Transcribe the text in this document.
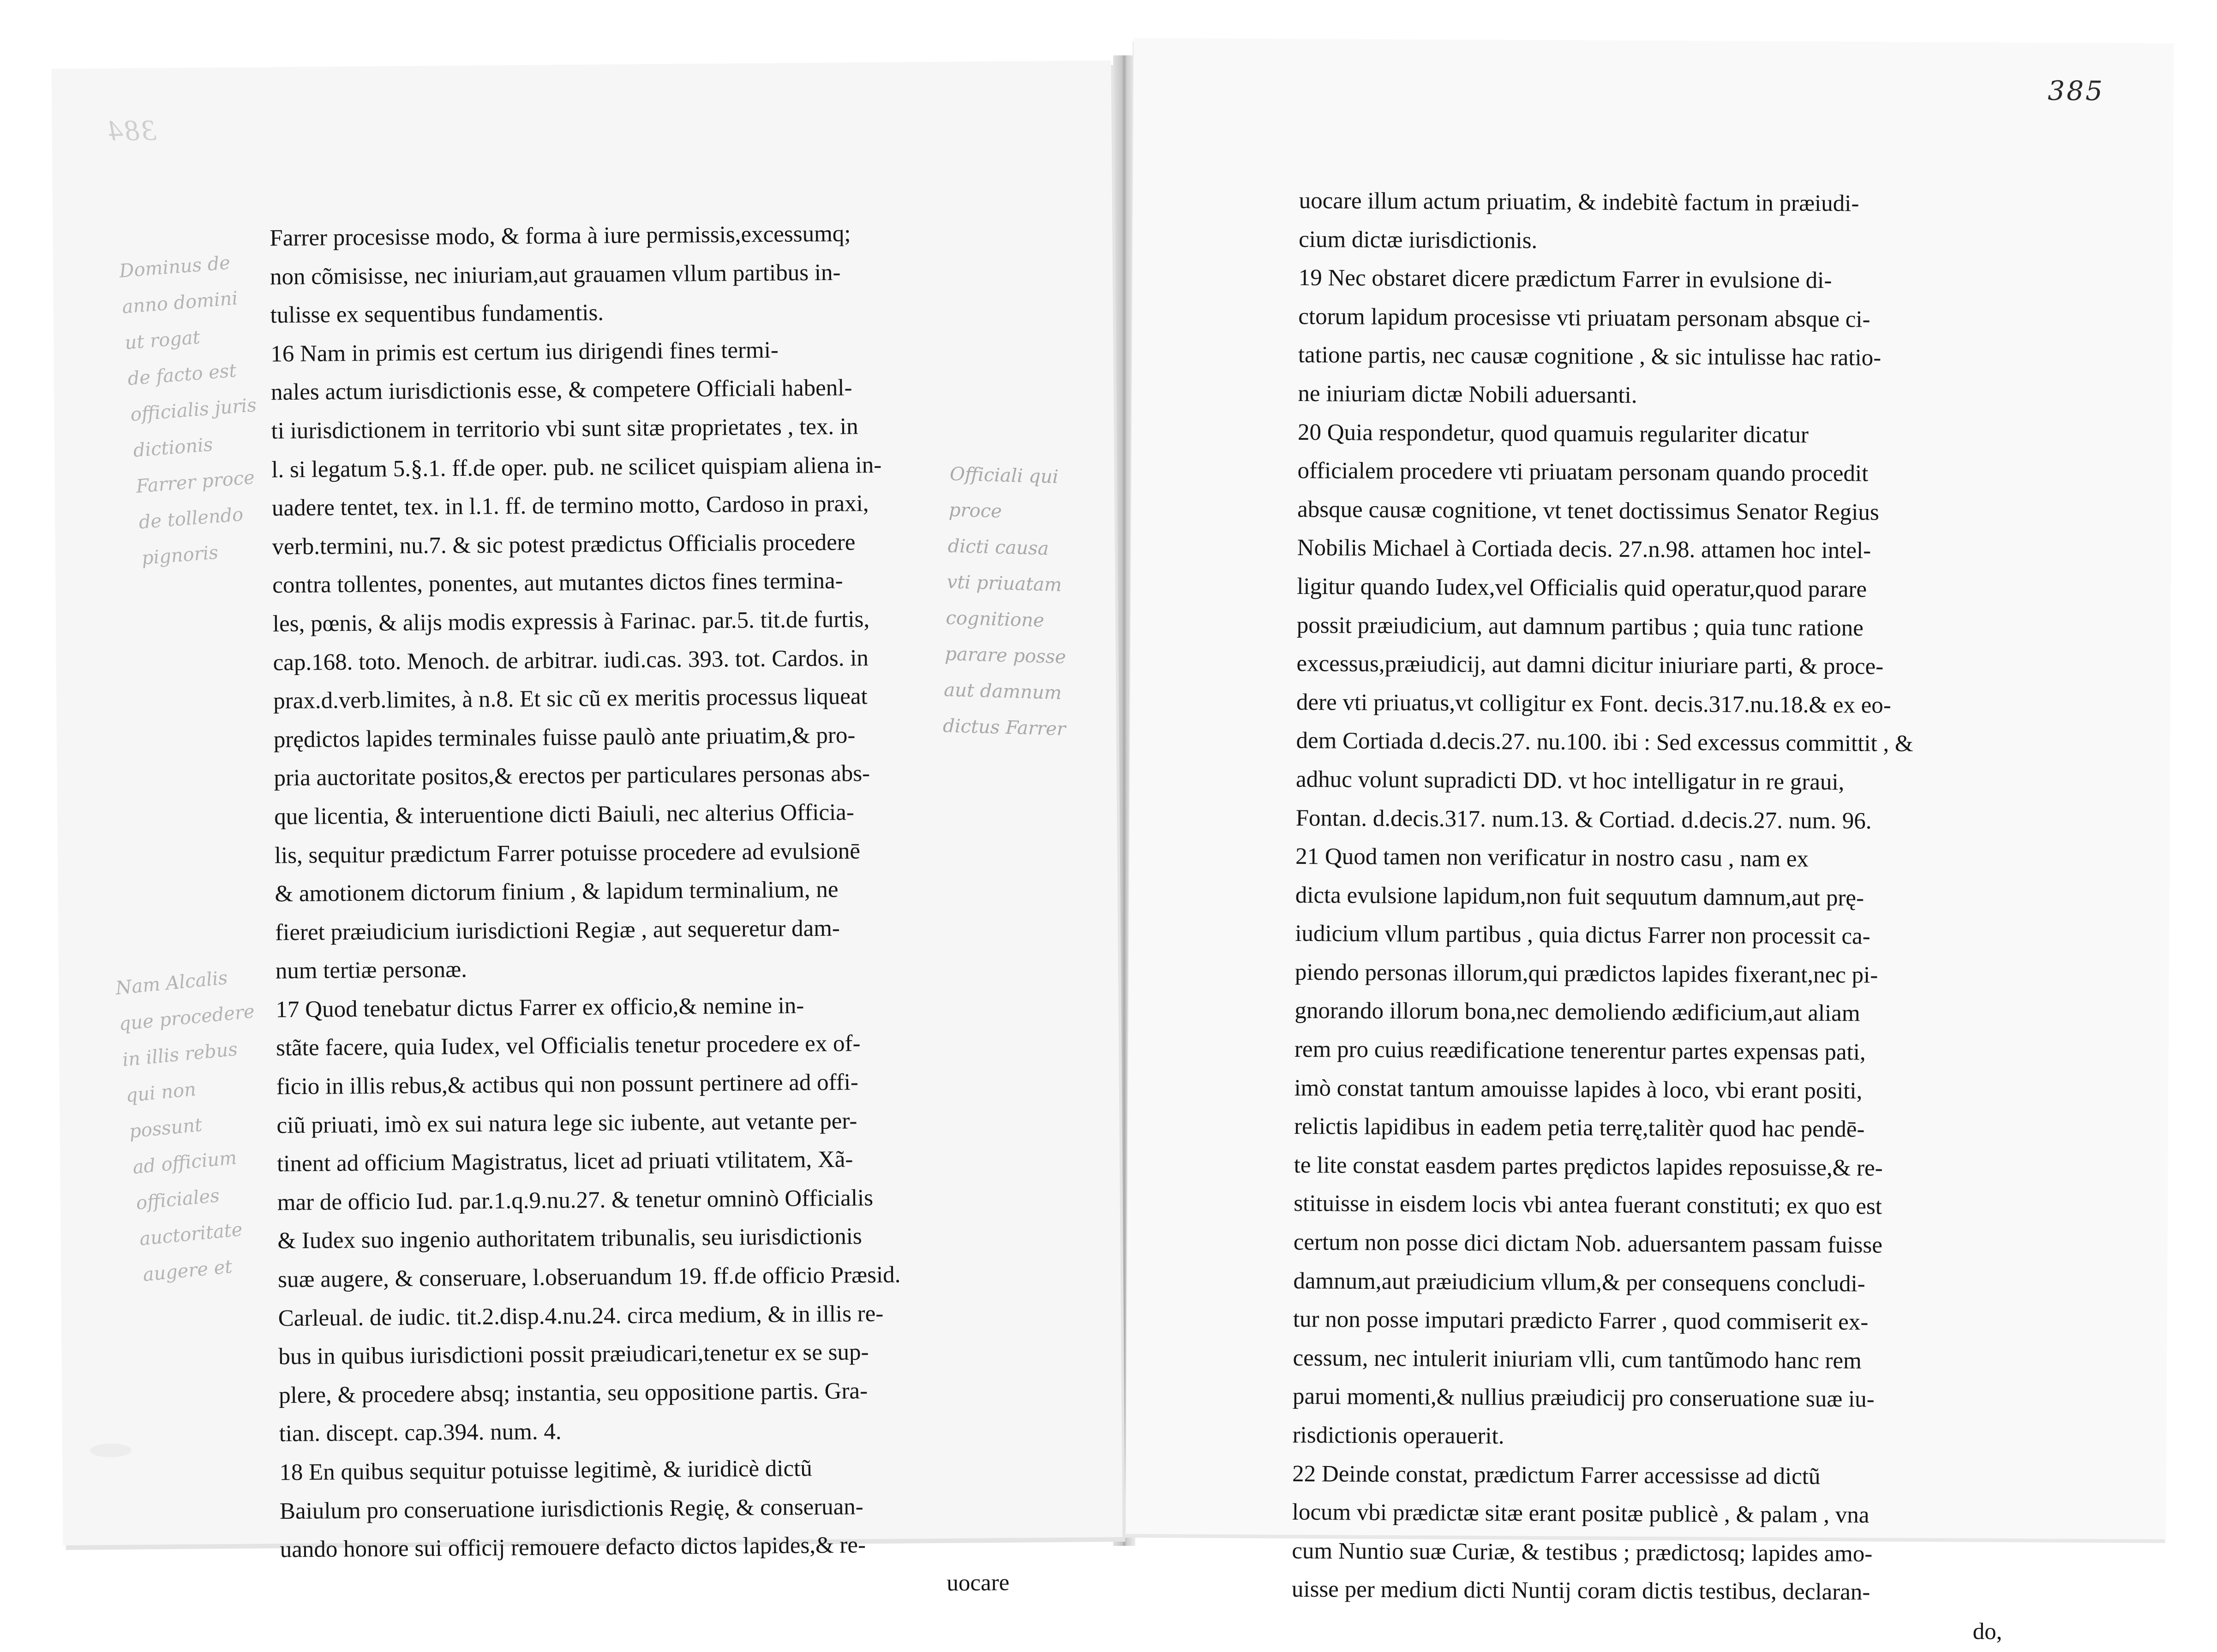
384
Dominus de
anno domini
ut rogat
de facto est
officialis juris
dictionis
Farrer proce
de tollendo
pignoris
Nam Alcalis
que procedere
in illis rebus
qui non possunt
ad officium
officiales
auctoritate
augere et

Farrer procesisse modo, & forma à iure permissis,excessumq;

non cõmisisse, nec iniuriam,aut grauamen vllum partibus in-

tulisse ex sequentibus fundamentis.

16 Nam in primis est certum ius dirigendi fines termi-

nales actum iurisdictionis esse, & competere Officiali habenl-

ti iurisdictionem in territorio vbi sunt sitæ proprietates , tex. in

l. si legatum 5.§.1. ff.de oper. pub. ne scilicet quispiam aliena in-

uadere tentet, tex. in l.1. ff. de termino motto, Cardoso in praxi,

verb.termini, nu.7. & sic potest prædictus Officialis procedere

contra tollentes, ponentes, aut mutantes dictos fines termina-

les, pœnis, & alijs modis expressis à Farinac. par.5. tit.de furtis,

cap.168. toto. Menoch. de arbitrar. iudi.cas. 393. tot. Cardos. in

prax.d.verb.limites, à n.8. Et sic cũ ex meritis processus liqueat

prędictos lapides terminales fuisse paulò ante priuatim,& pro-

pria auctoritate positos,& erectos per particulares personas abs-

que licentia, & interuentione dicti Baiuli, nec alterius Officia-

lis, sequitur prædictum Farrer potuisse procedere ad evulsionē

& amotionem dictorum finium , & lapidum terminalium, ne

fieret præiudicium iurisdictioni Regiæ , aut sequeretur dam-

num tertiæ personæ.

17 Quod tenebatur dictus Farrer ex officio,& nemine in-

stãte facere, quia Iudex, vel Officialis tenetur procedere ex of-

ficio in illis rebus,& actibus qui non possunt pertinere ad offi-

ciũ priuati, imò ex sui natura lege sic iubente, aut vetante per-

tinent ad officium Magistratus, licet ad priuati vtilitatem, Xã-

mar de officio Iud. par.1.q.9.nu.27. & tenetur omninò Officialis

& Iudex suo ingenio authoritatem tribunalis, seu iurisdictionis

suæ augere, & conseruare, l.obseruandum 19. ff.de officio Præsid.

Carleual. de iudic. tit.2.disp.4.nu.24. circa medium, & in illis re-

bus in quibus iurisdictioni possit præiudicari,tenetur ex se sup-

plere, & procedere absq; instantia, seu oppositione partis. Gra-

tian. discept. cap.394. num. 4.

18 En quibus sequitur potuisse legitimè, & iuridicè dictũ

Baiulum pro conseruatione iurisdictionis Regię, & conseruan-

uando honore sui officij remouere defacto dictos lapides,& re-

uocare

Officiali qui proce
dicti causa
vti priuatam
cognitione
parare posse
aut damnum
dictus Farrer
385

uocare illum actum priuatim, & indebitè factum in præiudi-

cium dictæ iurisdictionis.

19 Nec obstaret dicere prædictum Farrer in evulsione di-

ctorum lapidum procesisse vti priuatam personam absque ci-

tatione partis, nec causæ cognitione , & sic intulisse hac ratio-

ne iniuriam dictæ Nobili aduersanti.

20 Quia respondetur, quod quamuis regulariter dicatur

officialem procedere vti priuatam personam quando procedit

absque causæ cognitione, vt tenet doctissimus Senator Regius

Nobilis Michael à Cortiada decis. 27.n.98. attamen hoc intel-

ligitur quando Iudex,vel Officialis quid operatur,quod parare

possit præiudicium, aut damnum partibus ; quia tunc ratione

excessus,præiudicij, aut damni dicitur iniuriare parti, & proce-

dere vti priuatus,vt colligitur ex Font. decis.317.nu.18.& ex eo-

dem Cortiada d.decis.27. nu.100. ibi : Sed excessus committit , &

adhuc volunt supradicti DD. vt hoc intelligatur in re graui,

Fontan. d.decis.317. num.13. & Cortiad. d.decis.27. num. 96.

21 Quod tamen non verificatur in nostro casu , nam ex

dicta evulsione lapidum,non fuit sequutum damnum,aut prę-

iudicium vllum partibus , quia dictus Farrer non processit ca-

piendo personas illorum,qui prædictos lapides fixerant,nec pi-

gnorando illorum bona,nec demoliendo ædificium,aut aliam

rem pro cuius reædificatione tenerentur partes expensas pati,

imò constat tantum amouisse lapides à loco, vbi erant positi,

relictis lapidibus in eadem petia terrę,talitèr quod hac pendē-

te lite constat easdem partes prędictos lapides reposuisse,& re-

stituisse in eisdem locis vbi antea fuerant constituti; ex quo est

certum non posse dici dictam Nob. aduersantem passam fuisse

damnum,aut præiudicium vllum,& per consequens concludi-

tur non posse imputari prædicto Farrer , quod commiserit ex-

cessum, nec intulerit iniuriam vlli, cum tantũmodo hanc rem

parui momenti,& nullius præiudicij pro conseruatione suæ iu-

risdictionis operauerit.

22 Deinde constat, prædictum Farrer accessisse ad dictũ

locum vbi prædictæ sitæ erant positæ publicè , & palam , vna

cum Nuntio suæ Curiæ, & testibus ; prædictosq; lapides amo-

uisse per medium dicti Nuntij coram dictis testibus, declaran-

do,
